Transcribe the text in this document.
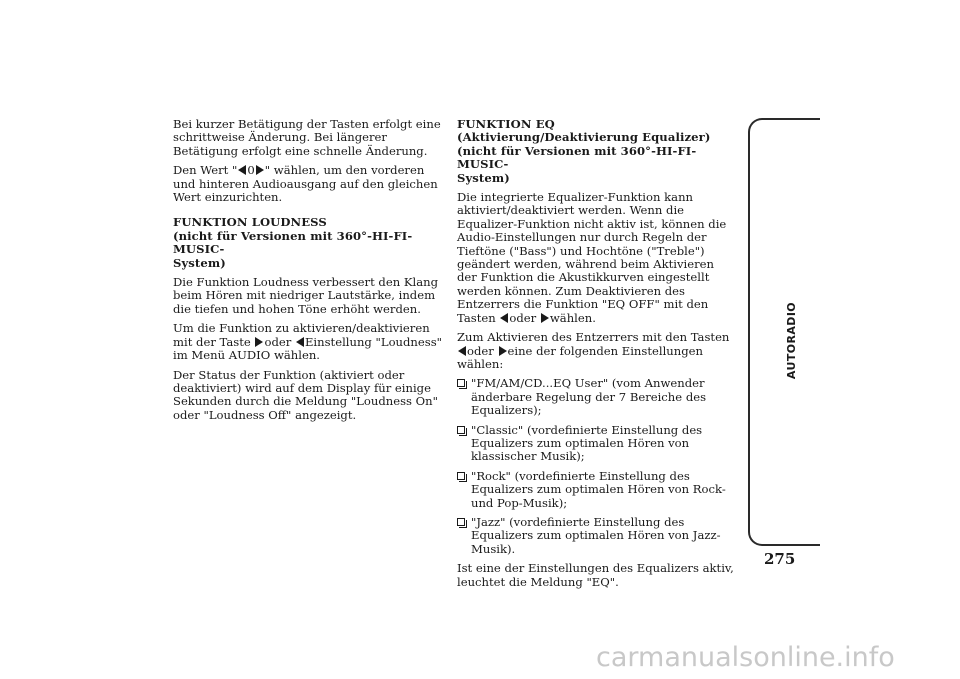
Bei kurzer Betätigung der Tasten erfolgt eine schrittweise Änderung. Bei längerer Betätigung erfolgt eine schnelle Änderung.

Den Wert " 0 " wählen, um den vorderen und hinteren Audioausgang auf den gleichen Wert einzurichten.

FUNKTION LOUDNESS
(nicht für Versionen mit 360°-HI-FI-MUSIC-
System)

Die Funktion Loudness verbessert den Klang beim Hören mit niedriger Lautstärke, indem die tiefen und hohen Töne erhöht werden.

Um die Funktion zu aktivieren/deaktivieren mit der Taste oder Einstellung "Loudness" im Menü AUDIO wählen.

Der Status der Funktion (aktiviert oder deaktiviert) wird auf dem Display für einige Sekunden durch die Meldung "Loudness On" oder "Loudness Off" angezeigt.

FUNKTION EQ
(Aktivierung/Deaktivierung Equalizer)
(nicht für Versionen mit 360°-HI-FI-MUSIC-
System)

Die integrierte Equalizer-Funktion kann aktiviert/deaktiviert werden. Wenn die Equalizer-Funktion nicht aktiv ist, können die Audio-Einstellungen nur durch Regeln der Tieftöne ("Bass") und Hochtöne ("Treble") geändert werden, während beim Aktivieren der Funktion die Akustikkurven eingestellt werden können. Zum Deaktivieren des Entzerrers die Funktion "EQ OFF" mit den Tasten oder wählen.

Zum Aktivieren des Entzerrers mit den Tasten oder eine der folgenden Einstellungen wählen:

"FM/AM/CD...EQ User" (vom Anwender änderbare Regelung der 7 Bereiche des Equalizers);
"Classic" (vordefinierte Einstellung des Equalizers zum optimalen Hören von klassischer Musik);
"Rock" (vordefinierte Einstellung des Equalizers zum optimalen Hören von Rock- und Pop-Musik);
"Jazz" (vordefinierte Einstellung des Equalizers zum optimalen Hören von Jazz-Musik).

Ist eine der Einstellungen des Equalizers aktiv, leuchtet die Meldung "EQ".

AUTORADIO
275
carmanualsonline.info
